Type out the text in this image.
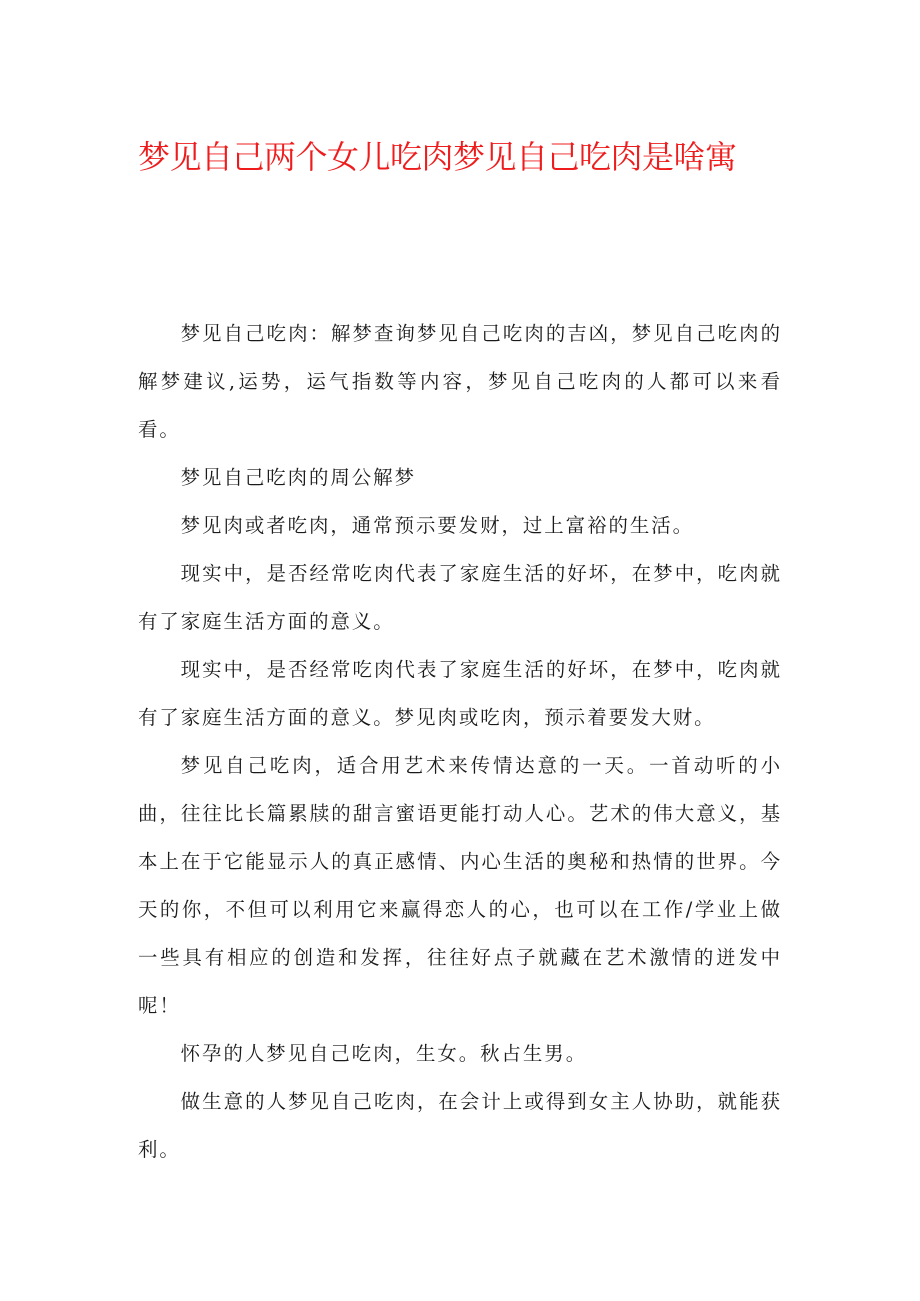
梦见自己两个女儿吃肉梦见自己吃肉是啥寓

梦见自己吃肉：解梦查询梦见自己吃肉的吉凶，梦见自己吃肉的解梦建议,运势，运气指数等内容，梦见自己吃肉的人都可以来看看。

梦见自己吃肉的周公解梦

梦见肉或者吃肉，通常预示要发财，过上富裕的生活。

现实中，是否经常吃肉代表了家庭生活的好坏，在梦中，吃肉就有了家庭生活方面的意义。

现实中，是否经常吃肉代表了家庭生活的好坏，在梦中，吃肉就有了家庭生活方面的意义。梦见肉或吃肉，预示着要发大财。

梦见自己吃肉，适合用艺术来传情达意的一天。一首动听的小曲，往往比长篇累牍的甜言蜜语更能打动人心。艺术的伟大意义，基本上在于它能显示人的真正感情、内心生活的奥秘和热情的世界。今天的你，不但可以利用它来赢得恋人的心，也可以在工作/学业上做一些具有相应的创造和发挥，往往好点子就藏在艺术激情的迸发中呢！

怀孕的人梦见自己吃肉，生女。秋占生男。

做生意的人梦见自己吃肉，在会计上或得到女主人协助，就能获利。
